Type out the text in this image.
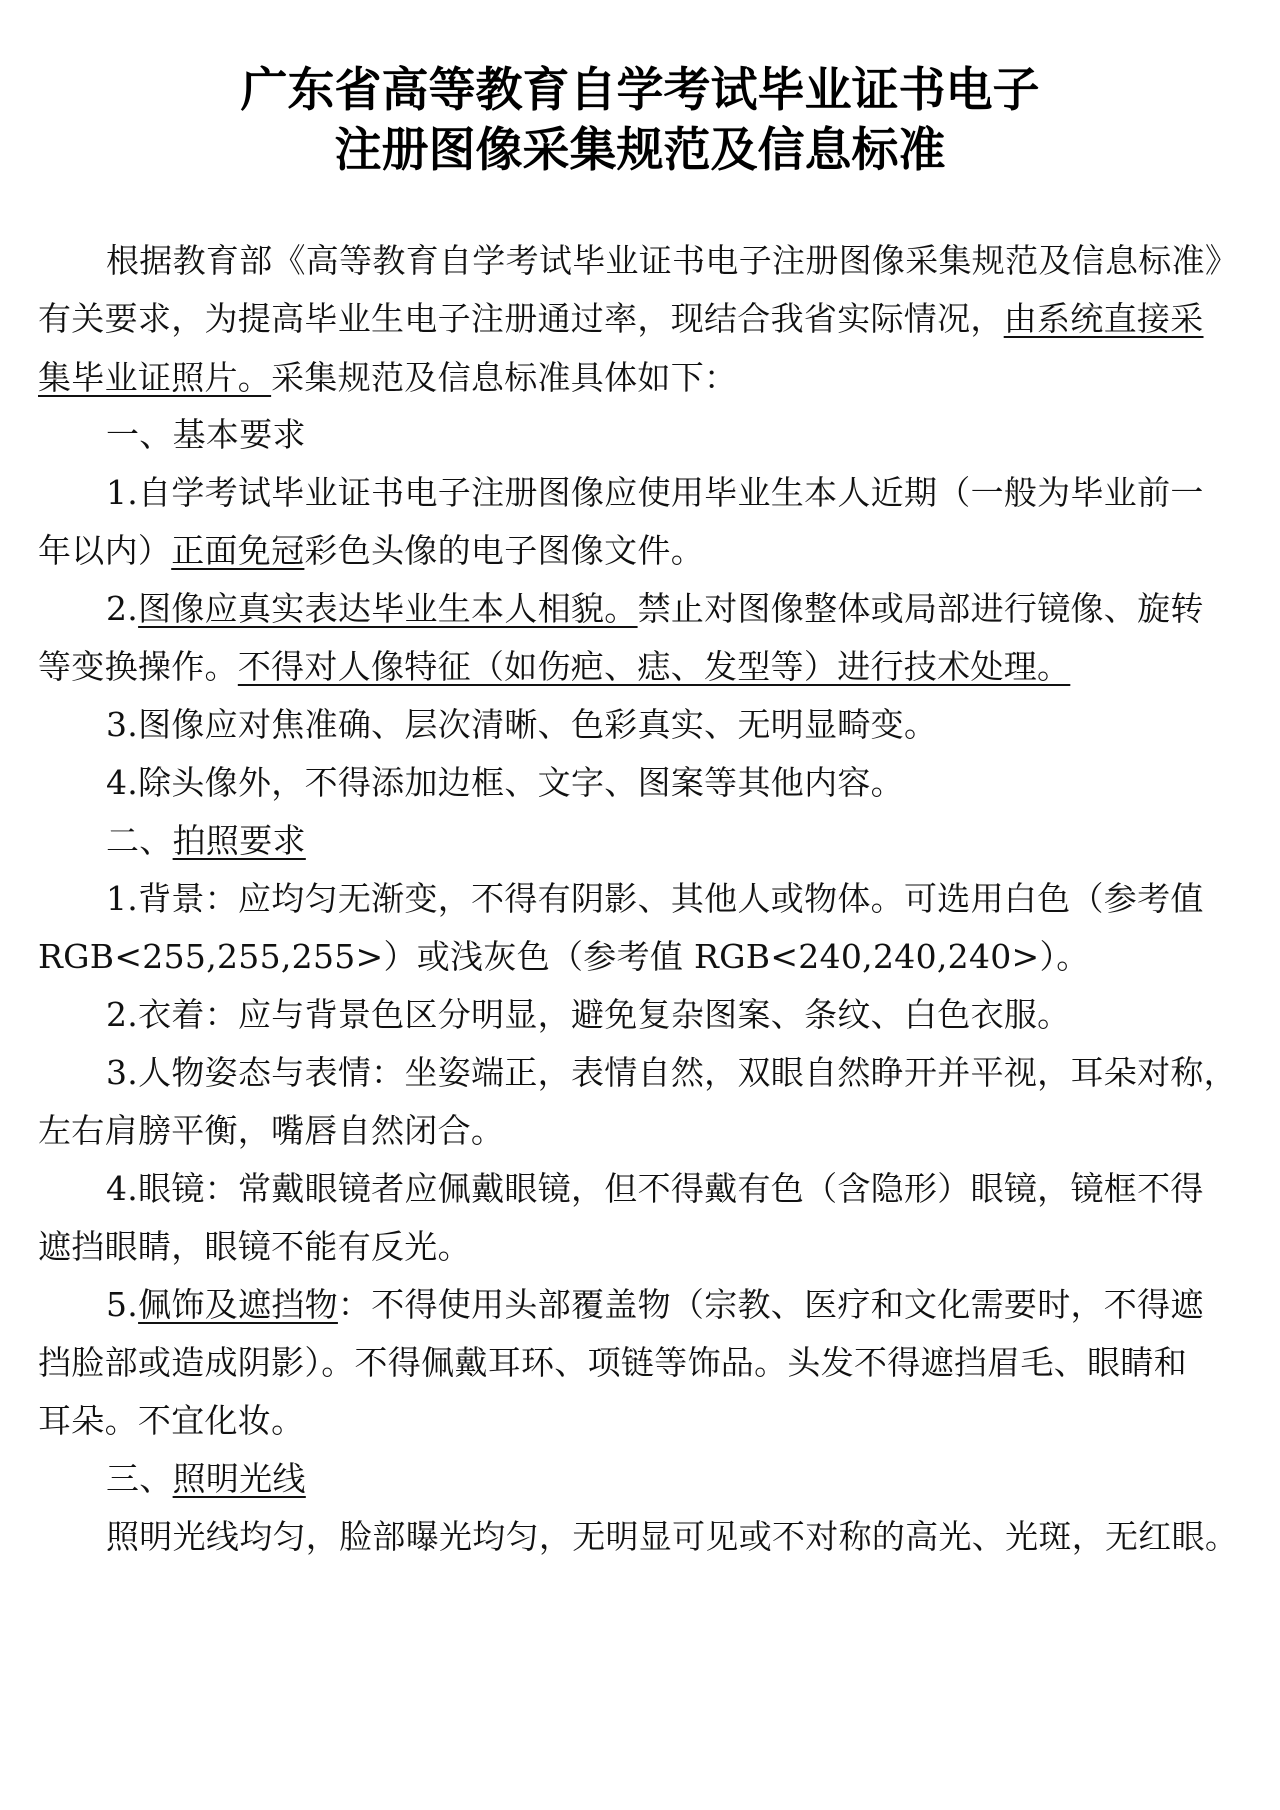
广东省高等教育自学考试毕业证书电子
注册图像采集规范及信息标准
根据教育部《高等教育自学考试毕业证书电子注册图像采集规范及信息标准》
有关要求，为提高毕业生电子注册通过率，现结合我省实际情况，由系统直接采
集毕业证照片。采集规范及信息标准具体如下：
一、基本要求
1.自学考试毕业证书电子注册图像应使用毕业生本人近期（一般为毕业前一
年以内）正面免冠彩色头像的电子图像文件。
2.图像应真实表达毕业生本人相貌。禁止对图像整体或局部进行镜像、旋转
等变换操作。不得对人像特征（如伤疤、痣、发型等）进行技术处理。
3.图像应对焦准确、层次清晰、色彩真实、无明显畸变。
4.除头像外，不得添加边框、文字、图案等其他内容。
二、拍照要求
1.背景：应均匀无渐变，不得有阴影、其他人或物体。可选用白色（参考值
RGB<255,255,255>）或浅灰色（参考值 RGB<240,240,240>）。
2.衣着：应与背景色区分明显，避免复杂图案、条纹、白色衣服。
3.人物姿态与表情：坐姿端正，表情自然，双眼自然睁开并平视，耳朵对称，
左右肩膀平衡，嘴唇自然闭合。
4.眼镜：常戴眼镜者应佩戴眼镜，但不得戴有色（含隐形）眼镜，镜框不得
遮挡眼睛，眼镜不能有反光。
5.佩饰及遮挡物：不得使用头部覆盖物（宗教、医疗和文化需要时，不得遮
挡脸部或造成阴影）。不得佩戴耳环、项链等饰品。头发不得遮挡眉毛、眼睛和
耳朵。不宜化妆。
三、照明光线
照明光线均匀，脸部曝光均匀，无明显可见或不对称的高光、光斑，无红眼。
